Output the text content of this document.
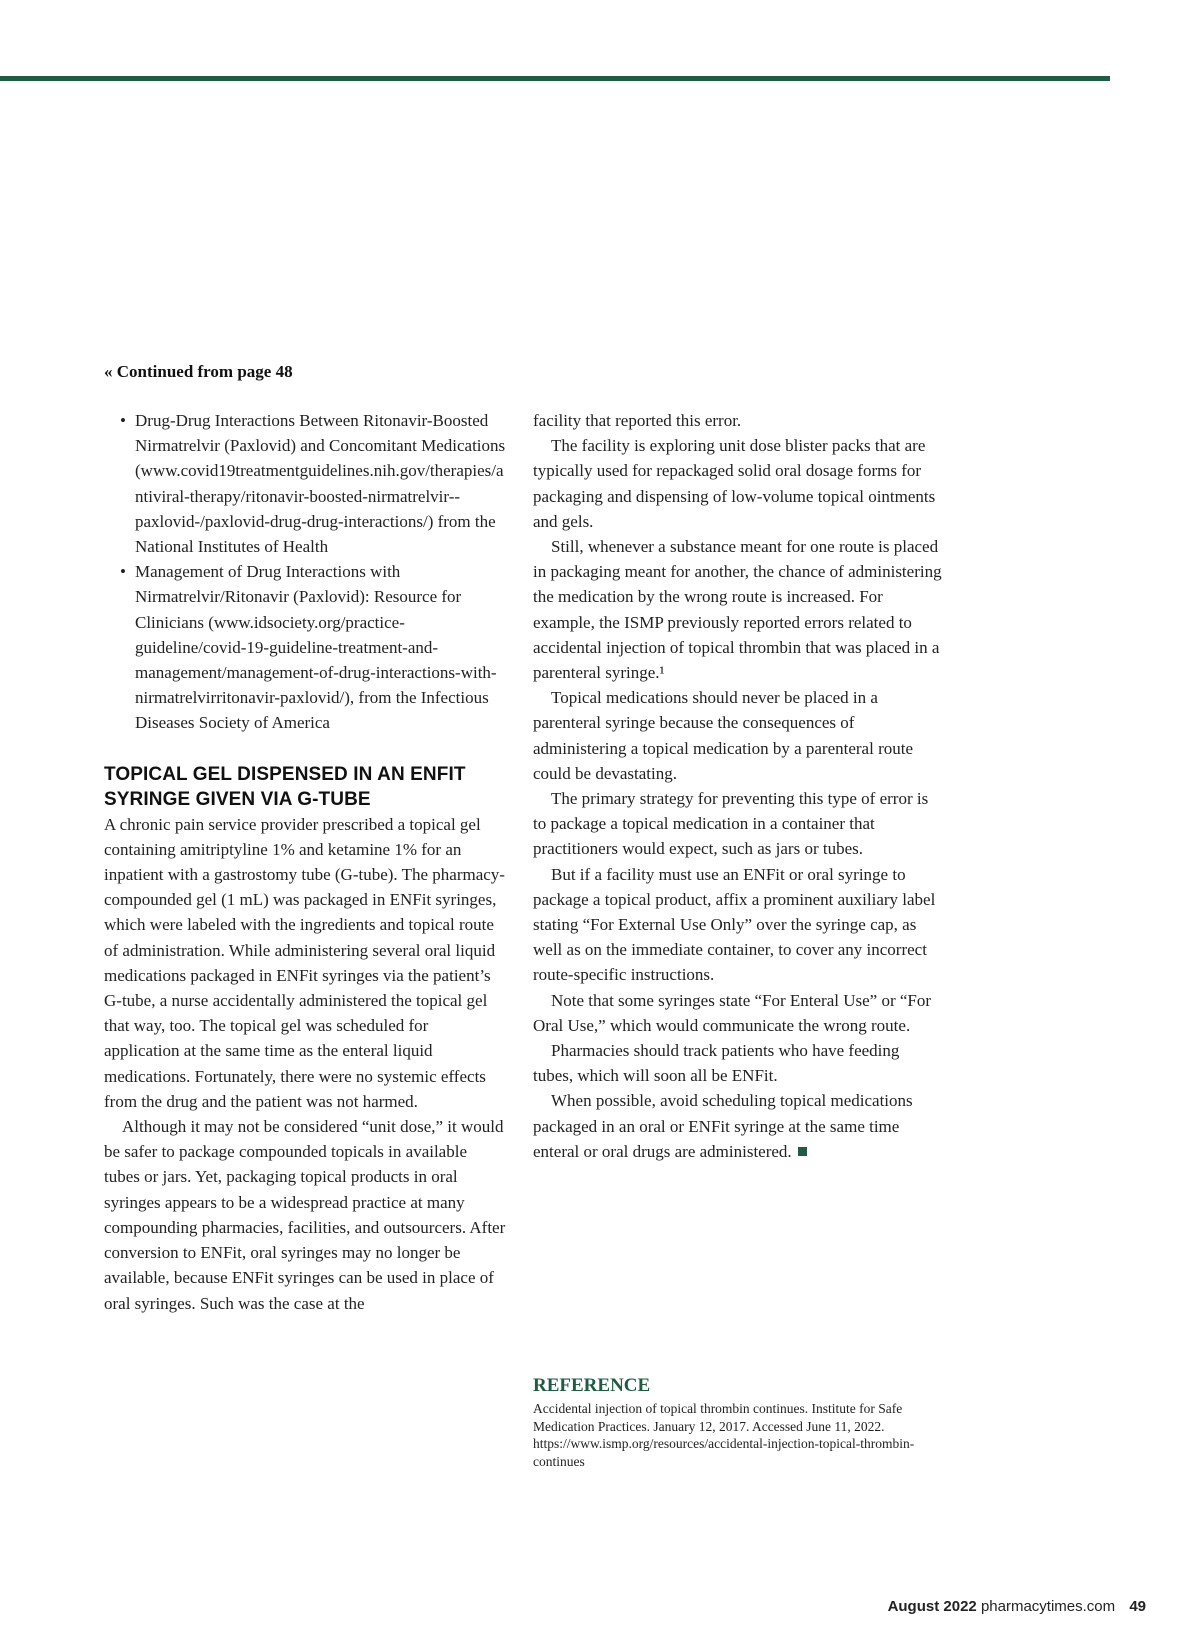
« Continued from page 48
• Drug-Drug Interactions Between Ritonavir-Boosted Nirmatrelvir (Paxlovid) and Concomitant Medications (www.covid19treatmentguidelines.nih.gov/therapies/antiviral-therapy/ritonavir-boosted-nirmatrelvir--paxlovid-/paxlovid-drug-drug-interactions/) from the National Institutes of Health
• Management of Drug Interactions with Nirmatrelvir/Ritonavir (Paxlovid): Resource for Clinicians (www.idsociety.org/practice-guideline/covid-19-guideline-treatment-and-management/management-of-drug-interactions-with-nirmatrelvirritonavir-paxlovid/), from the Infectious Diseases Society of America
TOPICAL GEL DISPENSED IN AN ENFIT SYRINGE GIVEN VIA G-TUBE

A chronic pain service provider prescribed a topical gel containing amitriptyline 1% and ketamine 1% for an inpatient with a gastrostomy tube (G-tube). The pharmacy-compounded gel (1 mL) was packaged in ENFit syringes, which were labeled with the ingredients and topical route of administration. While administering several oral liquid medications packaged in ENFit syringes via the patient’s G-tube, a nurse accidentally administered the topical gel that way, too. The topical gel was scheduled for application at the same time as the enteral liquid medications. Fortunately, there were no systemic effects from the drug and the patient was not harmed.

Although it may not be considered “unit dose,” it would be safer to package compounded topicals in available tubes or jars. Yet, packaging topical products in oral syringes appears to be a widespread practice at many compounding pharmacies, facilities, and outsourcers. After conversion to ENFit, oral syringes may no longer be available, because ENFit syringes can be used in place of oral syringes. Such was the case at the

facility that reported this error.

The facility is exploring unit dose blister packs that are typically used for repackaged solid oral dosage forms for packaging and dispensing of low-volume topical ointments and gels.

Still, whenever a substance meant for one route is placed in packaging meant for another, the chance of administering the medication by the wrong route is increased. For example, the ISMP previously reported errors related to accidental injection of topical thrombin that was placed in a parenteral syringe.¹

Topical medications should never be placed in a parenteral syringe because the consequences of administering a topical medication by a parenteral route could be devastating.

The primary strategy for preventing this type of error is to package a topical medication in a container that practitioners would expect, such as jars or tubes.

But if a facility must use an ENFit or oral syringe to package a topical product, affix a prominent auxiliary label stating “For External Use Only” over the syringe cap, as well as on the immediate container, to cover any incorrect route-specific instructions.

Note that some syringes state “For Enteral Use” or “For Oral Use,” which would communicate the wrong route.

Pharmacies should track patients who have feeding tubes, which will soon all be ENFit.

When possible, avoid scheduling topical medications packaged in an oral or ENFit syringe at the same time enteral or oral drugs are administered.

REFERENCE
Accidental injection of topical thrombin continues. Institute for Safe Medication Practices. January 12, 2017. Accessed June 11, 2022. https://www.ismp.org/resources/accidental-injection-topical-thrombin-continues
August 2022 pharmacytimes.com 49
